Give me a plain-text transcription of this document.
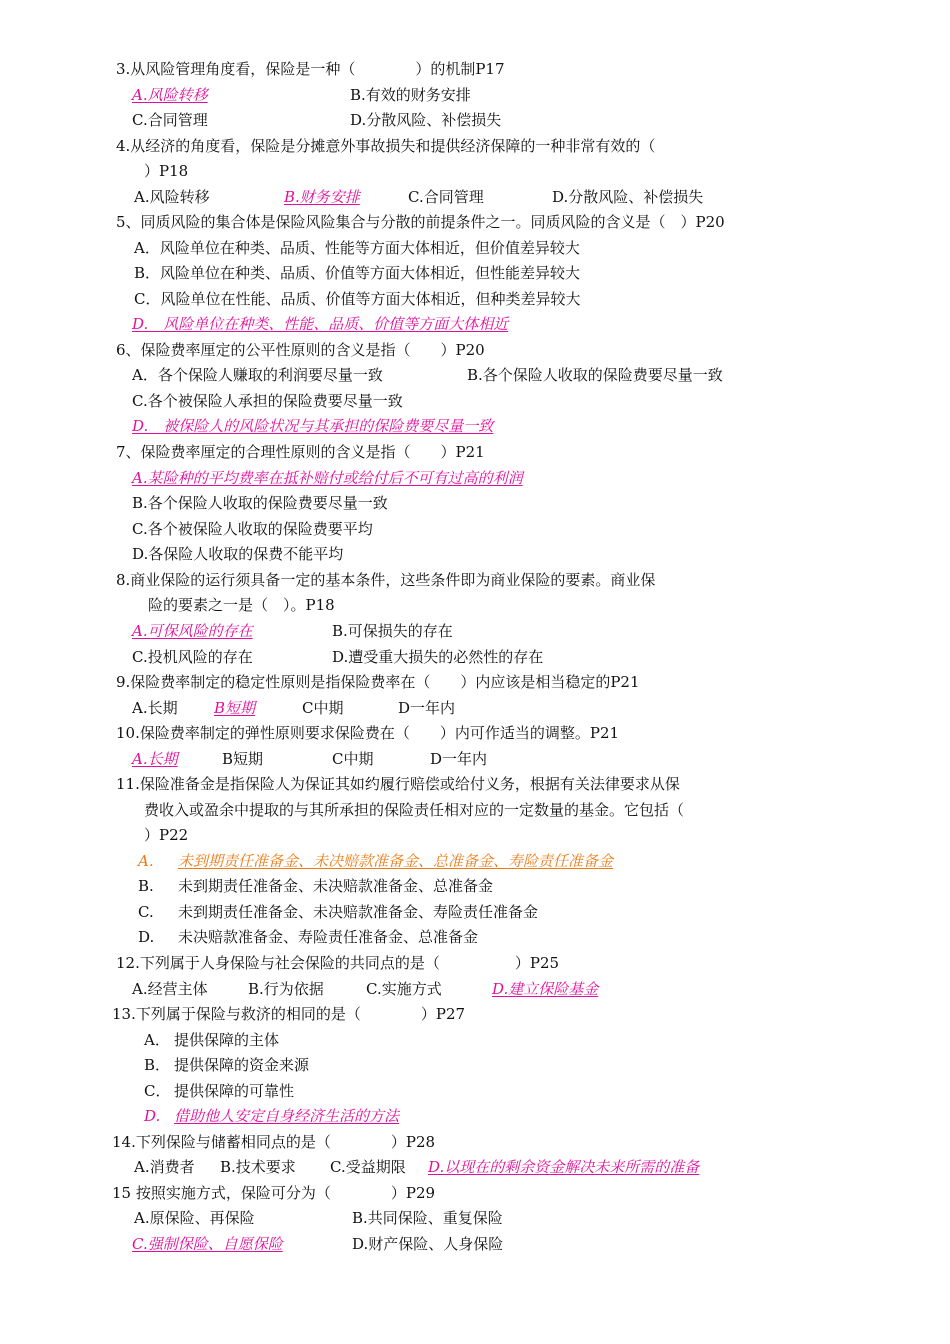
3.从风险管理角度看，保险是一种（　　　　）的机制P17
A.风险转移	B.有效的财务安排
C.合同管理	D.分散风险、补偿损失
4.从经济的角度看，保险是分摊意外事故损失和提供经济保障的一种非常有效的（
）P18
A.风险转移	B.财务安排	C.合同管理	D.分散风险、补偿损失
5、同质风险的集合体是保险风险集合与分散的前提条件之一。同质风险的含义是（　）P20
A．风险单位在种类、品质、性能等方面大体相近，但价值差异较大
B．风险单位在种类、品质、价值等方面大体相近，但性能差异较大
C．风险单位在性能、品质、价值等方面大体相近，但种类差异较大
D.　风险单位在种类、性能、品质、价值等方面大体相近
6、保险费率厘定的公平性原则的含义是指（　　）P20
A．各个保险人赚取的利润要尽量一致	B.各个保险人收取的保险费要尽量一致
C.各个被保险人承担的保险费要尽量一致
D.　被保险人的风险状况与其承担的保险费要尽量一致
7、保险费率厘定的合理性原则的含义是指（　　）P21
A.某险种的平均费率在抵补赔付或给付后不可有过高的利润
B.各个保险人收取的保险费要尽量一致
C.各个被保险人收取的保险费要平均
D.各保险人收取的保费不能平均
8.商业保险的运行须具备一定的基本条件，这些条件即为商业保险的要素。商业保
险的要素之一是（　）。P18
A.可保风险的存在	B.可保损失的存在
C.投机风险的存在	D.遭受重大损失的必然性的存在
9.保险费率制定的稳定性原则是指保险费率在（　　）内应该是相当稳定的P21
A.长期 B短期	C中期	D一年内
10.保险费率制定的弹性原则要求保险费在（　　）内可作适当的调整。P21
A.长期	B短期	C中期	D一年内
11.保险准备金是指保险人为保证其如约履行赔偿或给付义务，根据有关法律要求从保
费收入或盈余中提取的与其所承担的保险责任相对应的一定数量的基金。它包括（
）P22
A. 未到期责任准备金、未决赔款准备金、总准备金、寿险责任准备金
B. 未到期责任准备金、未决赔款准备金、总准备金
C. 未到期责任准备金、未决赔款准备金、寿险责任准备金
D. 未决赔款准备金、寿险责任准备金、总准备金
12.下列属于人身保险与社会保险的共同点的是（　　　　　）P25
A.经营主体	B.行为依据	C.实施方式	D.建立保险基金
13.下列属于保险与救济的相同的是（　　　　）P27
A． 提供保障的主体
B． 提供保障的资金来源
C． 提供保障的可靠性
D. 借助他人安定自身经济生活的方法
14.下列保险与储蓄相同点的是（　　　　）P28
A.消费者 B.技术要求 C.受益期限 D.以现在的剩余资金解决未来所需的准备
15 按照实施方式，保险可分为（　　　　）P29
A.原保险、再保险	B.共同保险、重复保险
C.强制保险、自愿保险	D.财产保险、人身保险
